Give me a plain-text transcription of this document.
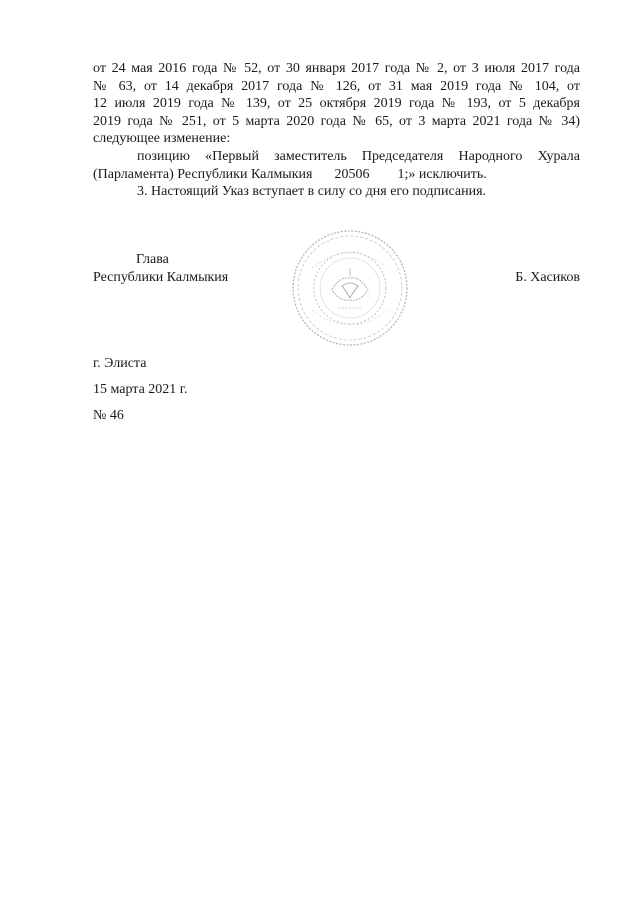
от 24 мая 2016 года № 52, от 30 января 2017 года № 2, от 3 июля 2017 года
№ 63, от 14 декабря 2017 года № 126, от 31 мая 2019 года № 104, от
12 июля 2019 года № 139, от 25 октября 2019 года № 193, от 5 декабря
2019 года № 251, от 5 марта 2020 года № 65, от 3 марта 2021 года № 34)
следующее изменение:
позицию «Первый заместитель Председателя Народного Хурала
(Парламента) Республики Калмыкия 20506 1;» исключить.
3. Настоящий Указ вступает в силу со дня его подписания.
Глава
Республики Калмыкия	Б. Хасиков
г. Элиста
15 марта 2021 г.
№ 46
